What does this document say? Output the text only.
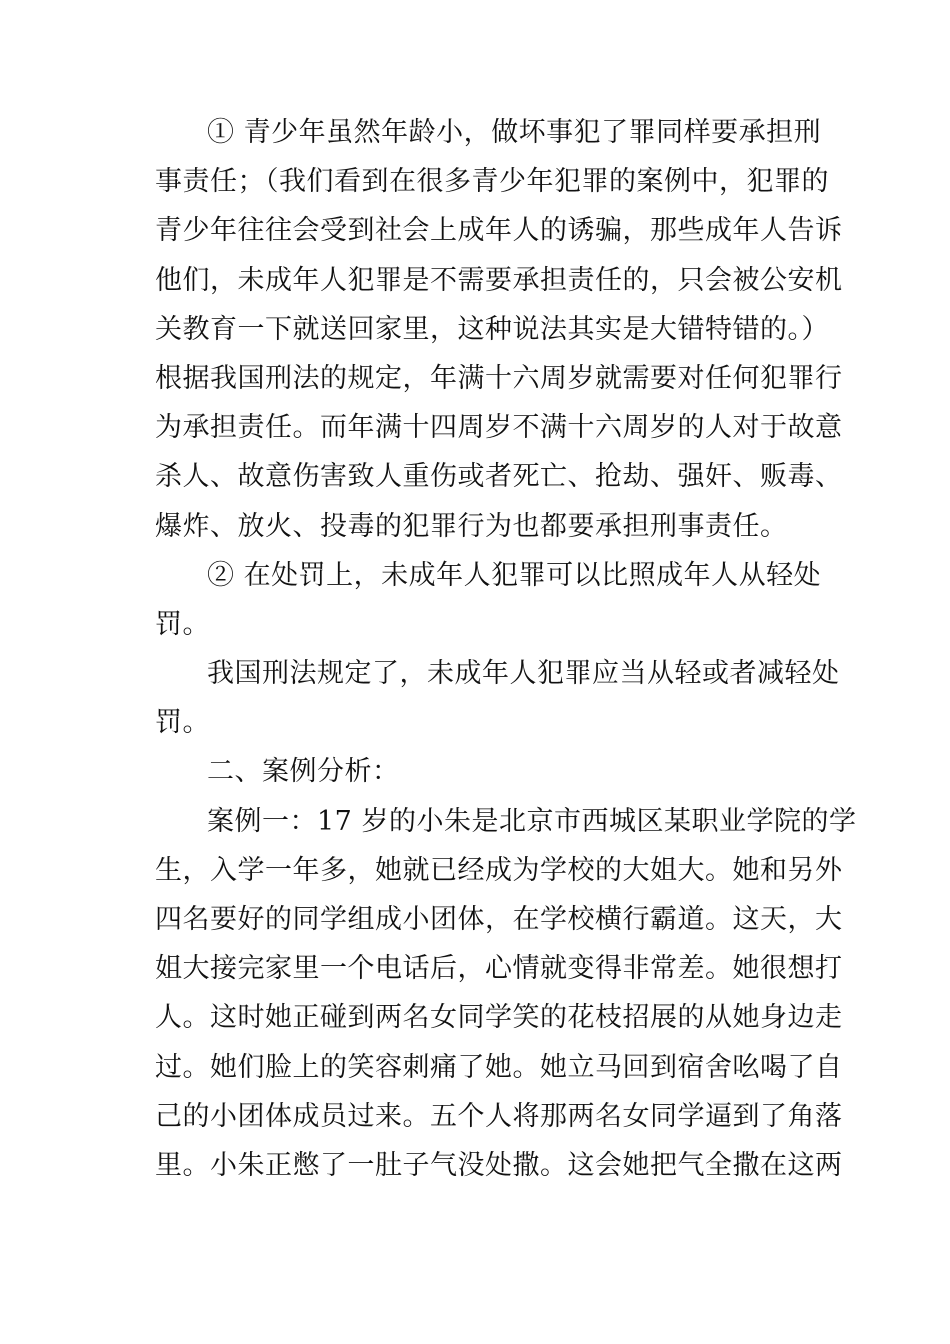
① 青少年虽然年龄小，做坏事犯了罪同样要承担刑
事责任；（我们看到在很多青少年犯罪的案例中，犯罪的
青少年往往会受到社会上成年人的诱骗，那些成年人告诉
他们，未成年人犯罪是不需要承担责任的，只会被公安机
关教育一下就送回家里，这种说法其实是大错特错的。）
根据我国刑法的规定，年满十六周岁就需要对任何犯罪行
为承担责任。而年满十四周岁不满十六周岁的人对于故意
杀人、故意伤害致人重伤或者死亡、抢劫、强奸、贩毒、
爆炸、放火、投毒的犯罪行为也都要承担刑事责任。
② 在处罚上，未成年人犯罪可以比照成年人从轻处
罚。
我国刑法规定了，未成年人犯罪应当从轻或者减轻处
罚。
二、案例分析：
案例一：17 岁的小朱是北京市西城区某职业学院的学
生，入学一年多，她就已经成为学校的大姐大。她和另外
四名要好的同学组成小团体，在学校横行霸道。这天，大
姐大接完家里一个电话后，心情就变得非常差。她很想打
人。这时她正碰到两名女同学笑的花枝招展的从她身边走
过。她们脸上的笑容刺痛了她。她立马回到宿舍吆喝了自
己的小团体成员过来。五个人将那两名女同学逼到了角落
里。小朱正憋了一肚子气没处撒。这会她把气全撒在这两
